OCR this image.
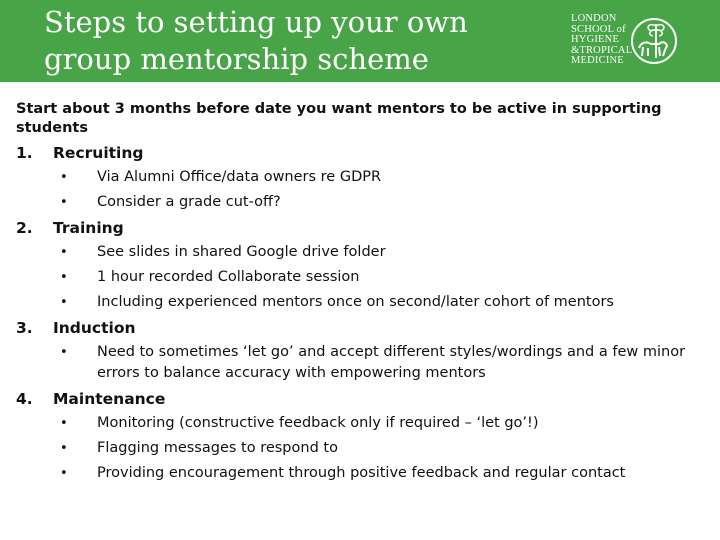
Steps to setting up your own group mentorship scheme
LONDON
SCHOOL of
HYGIENE
&TROPICAL
MEDICINE
Start about 3 months before date you want mentors to be active in supporting students
1. Recruiting
• Via Alumni Office/data owners re GDPR
• Consider a grade cut-off?
2. Training
• See slides in shared Google drive folder
• 1 hour recorded Collaborate session
• Including experienced mentors once on second/later cohort of mentors
3. Induction
• Need to sometimes ‘let go’ and accept different styles/wordings and a few minor errors to balance accuracy with empowering mentors
4. Maintenance
• Monitoring (constructive feedback only if required – ‘let go’!)
• Flagging messages to respond to
• Providing encouragement through positive feedback and regular contact
